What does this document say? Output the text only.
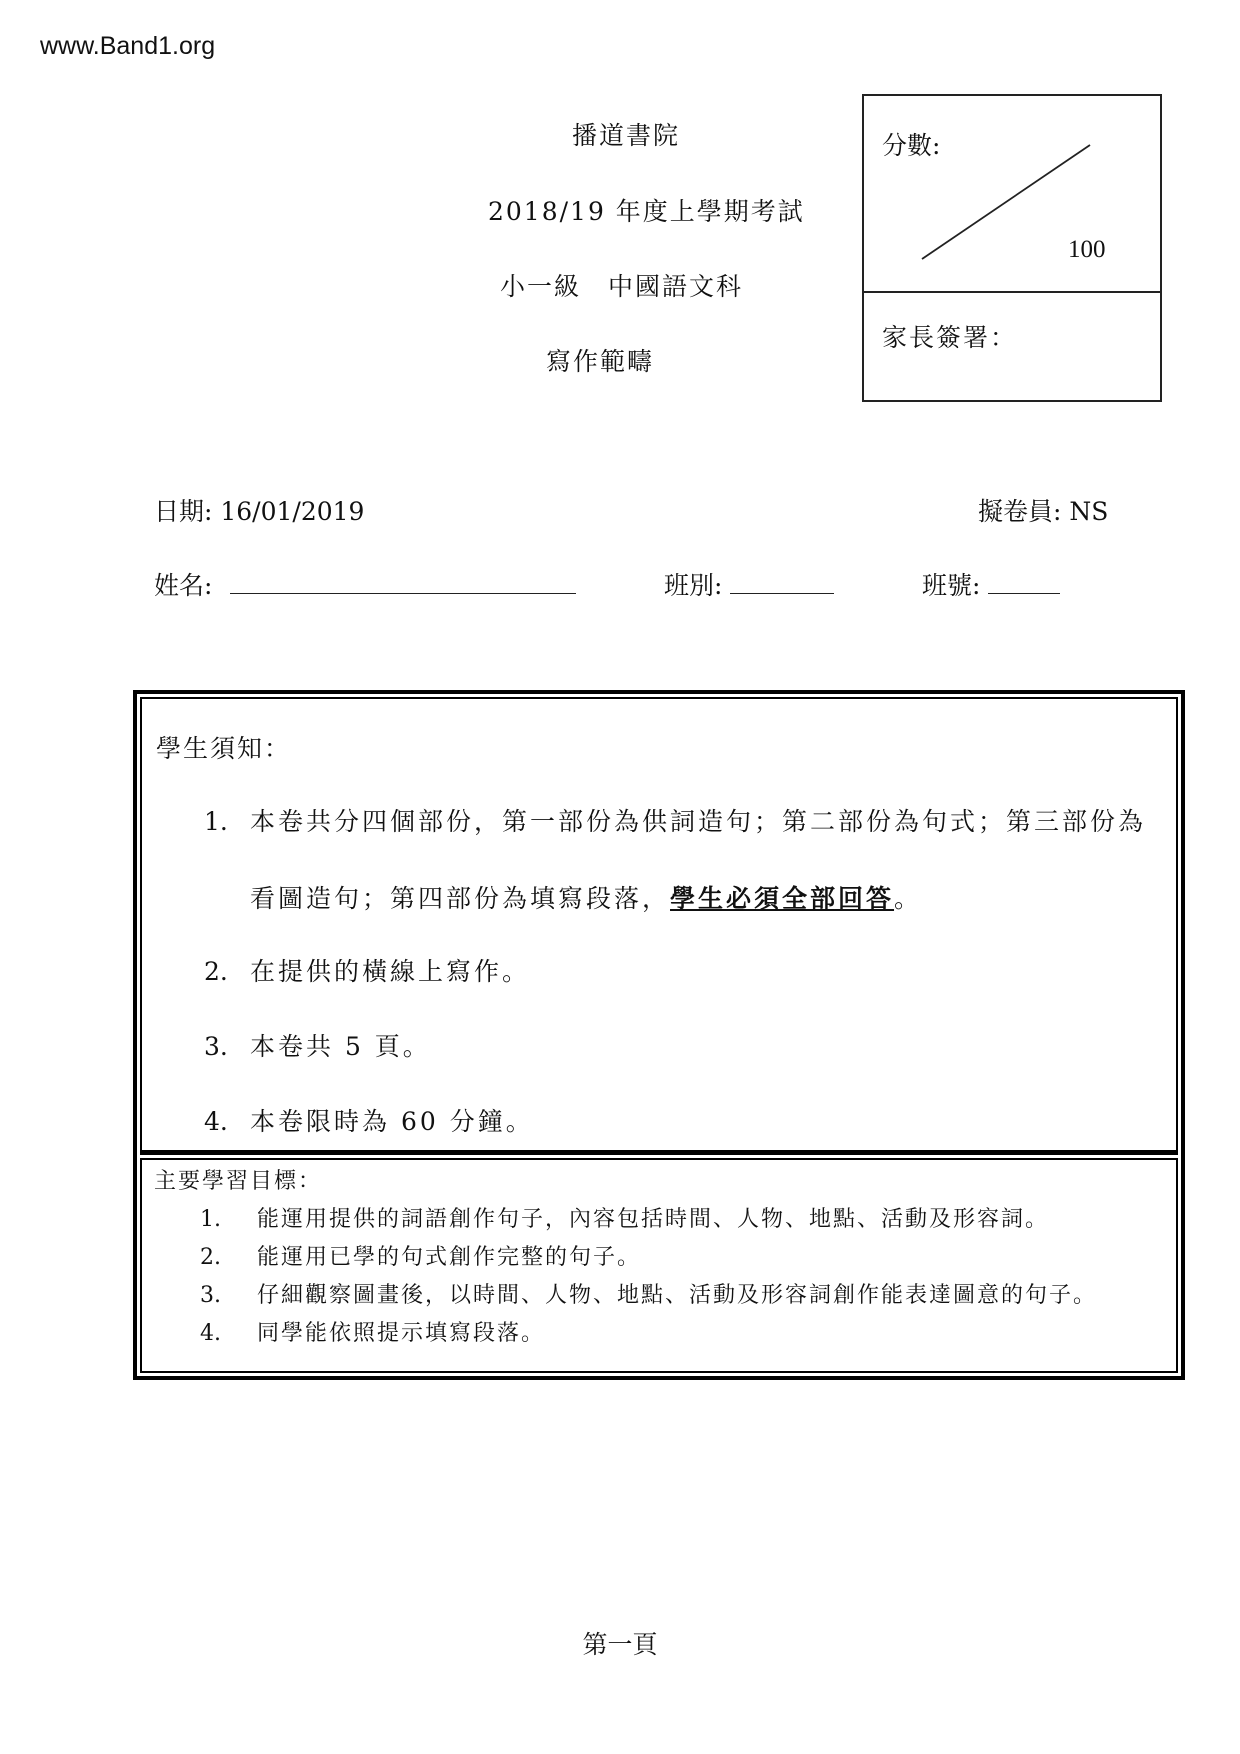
www.Band1.org
播道書院
2018/19 年度上學期考試
小一級　中國語文科
寫作範疇
分數:
100
家長簽署：
日期: 16/01/2019	擬卷員: NS
姓名:	班別:	班號:
學生須知：
1. 本卷共分四個部份，第一部份為供詞造句；第二部份為句式；第三部份為
看圖造句；第四部份為填寫段落，學生必須全部回答。
2. 在提供的橫線上寫作。
3. 本卷共 5 頁。
4. 本卷限時為 60 分鐘。
主要學習目標：
1. 能運用提供的詞語創作句子，內容包括時間、人物、地點、活動及形容詞。
2. 能運用已學的句式創作完整的句子。
3. 仔細觀察圖畫後，以時間、人物、地點、活動及形容詞創作能表達圖意的句子。
4. 同學能依照提示填寫段落。
第一頁
